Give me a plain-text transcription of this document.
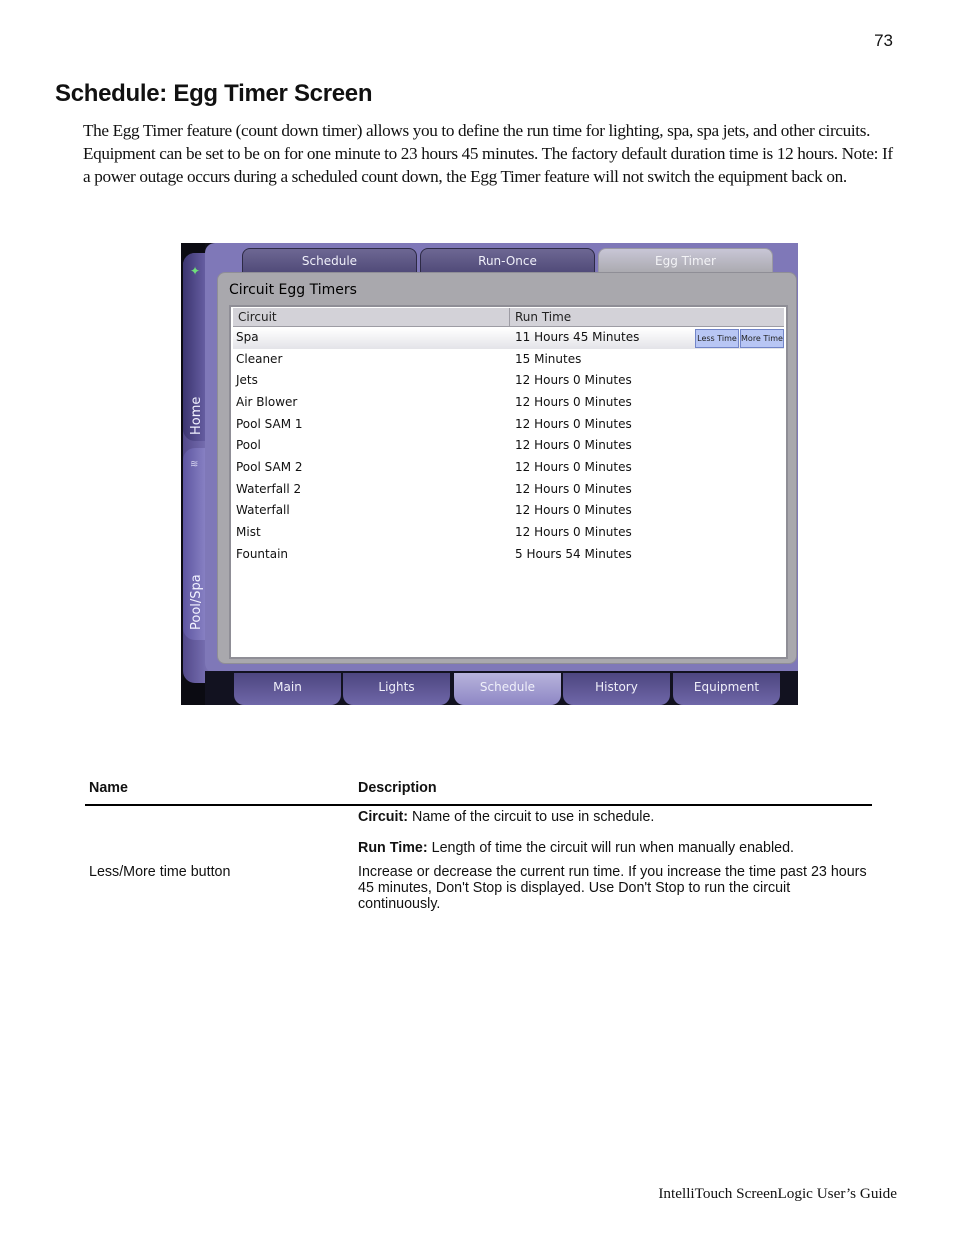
73
Schedule: Egg Timer Screen

The Egg Timer feature (count down timer) allows you to define the run time for lighting, spa, spa jets, and other circuits. Equipment can be set to be on for one minute to 23 hours 45 minutes. The factory default duration time is 12 hours. Note: If a power outage occurs during a scheduled count down, the Egg Timer feature will not switch the equipment back on.

✦
≋
Home
Pool/Spa
Schedule	Run-Once	Egg Timer
Circuit Egg Timers
Circuit	Run Time
Spa	11 Hours 45 Minutes	Less Time More Time
Cleaner	15 Minutes
Jets	12 Hours 0 Minutes
Air Blower	12 Hours 0 Minutes
Pool SAM 1	12 Hours 0 Minutes
Pool	12 Hours 0 Minutes
Pool SAM 2	12 Hours 0 Minutes
Waterfall 2	12 Hours 0 Minutes
Waterfall	12 Hours 0 Minutes
Mist	12 Hours 0 Minutes
Fountain	5 Hours 54 Minutes
Main	Lights	Schedule	History	Equipment
Name	Description
Circuit: Name of the circuit to use in schedule.
Run Time: Length of time the circuit will run when manually enabled.
Less/More time button	Increase or decrease the current run time. If you increase the time past 23 hours 45 minutes, Don't Stop is displayed. Use Don't Stop to run the circuit continuously.
IntelliTouch ScreenLogic User’s Guide
